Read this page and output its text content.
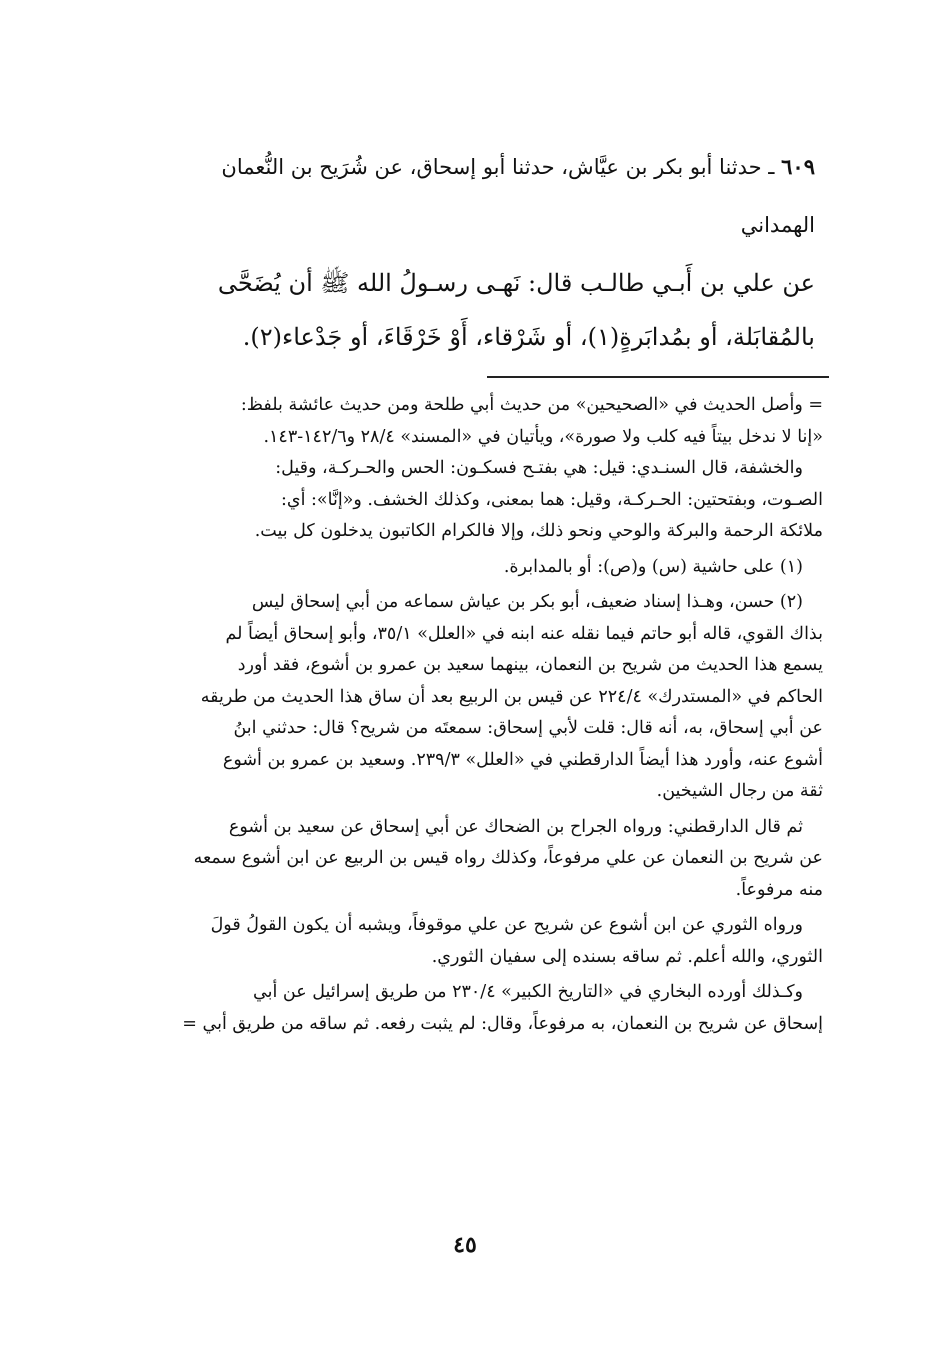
٦٠٩ ـ حدثنا أبو بكر بن عيَّاش، حدثنا أبو إسحاق، عن شُرَيح بن النُّعمان

الهمداني

عن علي بن أَبـي طالـب قال: نَهـى رسـولُ الله ﷺ أن يُضَحَّى

بالمُقابَلة، أو بمُدابَرةٍ(١)، أو شَرْقاء، أَوْ خَرْقَاءَ، أو جَدْعاء(٢).

= وأصل الحديث في «الصحيحين» من حديث أبي طلحة ومن حديث عائشة بلفظ:

«إنا لا ندخل بيتاً فيه كلب ولا صورة»، ويأتيان في «المسند» ٢٨/٤ و١٤٢/٦-١٤٣.

والخشفة، قال السنـدي: قيل: هي بفتـح فسكـون: الحس والحـركـة، وقيل:

الصـوت، وبفتحتين: الحـركـة، وقيل: هما بمعنى، وكذلك الخشف. و«إنَّا»: أي:

ملائكة الرحمة والبركة والوحي ونحو ذلك، وإلا فالكرام الكاتبون يدخلون كل بيت.

(١) على حاشية (س) و(ص): أو بالمدابرة.

(٢) حسن، وهـذا إسناد ضعيف، أبو بكر بن عياش سماعه من أبي إسحاق ليس

بذاك القوي، قاله أبو حاتم فيما نقله عنه ابنه في «العلل» ٣٥/١، وأبو إسحاق أيضاً لم

يسمع هذا الحديث من شريح بن النعمان، بينهما سعيد بن عمرو بن أشوع، فقد أورد

الحاكم في «المستدرك» ٢٢٤/٤ عن قيس بن الربيع بعد أن ساق هذا الحديث من طريقه

عن أبي إسحاق، به، أنه قال: قلت لأبي إسحاق: سمعتَه من شريح؟ قال: حدثني ابنُ

أشوع عنه، وأورد هذا أيضاً الدارقطني في «العلل» ٢٣٩/٣. وسعيد بن عمرو بن أشوع

ثقة من رجال الشيخين.

ثم قال الدارقطني: ورواه الجراح بن الضحاك عن أبي إسحاق عن سعيد بن أشوع

عن شريح بن النعمان عن علي مرفوعاً، وكذلك رواه قيس بن الربيع عن ابن أشوع سمعه

منه مرفوعاً.

ورواه الثوري عن ابن أشوع عن شريح عن علي موقوفاً، ويشبه أن يكون القولُ قولَ

الثوري، والله أعلم. ثم ساقه بسنده إلى سفيان الثوري.

وكـذلك أورده البخاري في «التاريخ الكبير» ٢٣٠/٤ من طريق إسرائيل عن أبي

إسحاق عن شريح بن النعمان، به مرفوعاً، وقال: لم يثبت رفعه. ثم ساقه من طريق أبي =

٤٥
